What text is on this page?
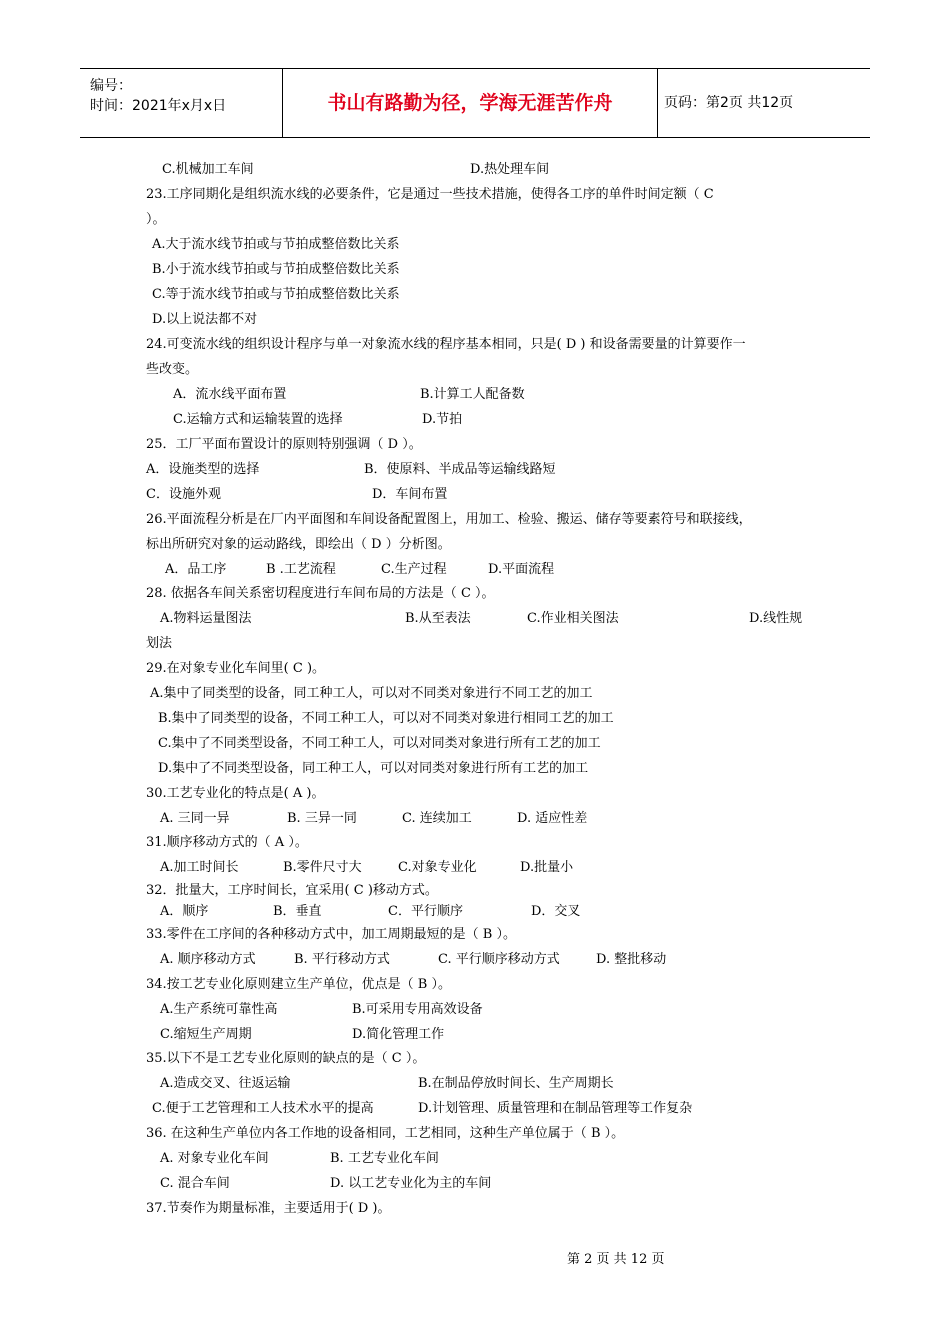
编号：
时间：2021年x月x日	书山有路勤为径，学海无涯苦作舟	页码：第2页 共12页
C.机械加工车间	D.热处理车间
23.工序同期化是组织流水线的必要条件，它是通过一些技术措施，使得各工序的单件时间定额（ C
）。
A.大于流水线节拍或与节拍成整倍数比关系
B.小于流水线节拍或与节拍成整倍数比关系
C.等于流水线节拍或与节拍成整倍数比关系
D.以上说法都不对
24.可变流水线的组织设计程序与单一对象流水线的程序基本相同，只是( D ) 和设备需要量的计算要作一
些改变。
A．流水线平面布置	B.计算工人配备数
C.运输方式和运输装置的选择	D.节拍
25．工厂平面布置设计的原则特别强调（ D ）。
A．设施类型的选择	B．使原料、半成品等运输线路短
C．设施外观	D．车间布置
26.平面流程分析是在厂内平面图和车间设备配置图上，用加工、检验、搬运、储存等要素符号和联接线，
标出所研究对象的运动路线，即绘出（ D ）分析图。
A．品工序	B .工艺流程	C.生产过程	D.平面流程
28. 依据各车间关系密切程度进行车间布局的方法是（ C ）。
A.物料运量图法	B.从至表法	C.作业相关图法	D.线性规
划法
29.在对象专业化车间里( C )。
A.集中了同类型的设备，同工种工人，可以对不同类对象进行不同工艺的加工
B.集中了同类型的设备，不同工种工人，可以对不同类对象进行相同工艺的加工
C.集中了不同类型设备，不同工种工人，可以对同类对象进行所有工艺的加工
D.集中了不同类型设备，同工种工人，可以对同类对象进行所有工艺的加工
30.工艺专业化的特点是( A )。
A. 三同一异	B. 三异一同	C. 连续加工	D. 适应性差
31.顺序移动方式的（ A ）。
A.加工时间长	B.零件尺寸大	C.对象专业化	D.批量小
32．批量大，工序时间长，宜采用( C )移动方式。
A．顺序	B．垂直	C．平行顺序	D．交叉
33.零件在工序间的各种移动方式中，加工周期最短的是（ B ）。
A. 顺序移动方式	B. 平行移动方式	C. 平行顺序移动方式	D. 整批移动
34.按工艺专业化原则建立生产单位，优点是（ B ）。
A.生产系统可靠性高	B.可采用专用高效设备
C.缩短生产周期	D.简化管理工作
35.以下不是工艺专业化原则的缺点的是（ C ）。
A.造成交叉、往返运输	B.在制品停放时间长、生产周期长
C.便于工艺管理和工人技术水平的提高	D.计划管理、质量管理和在制品管理等工作复杂
36. 在这种生产单位内各工作地的设备相同，工艺相同，这种生产单位属于（ B ）。
A. 对象专业化车间	B. 工艺专业化车间
C. 混合车间	D. 以工艺专业化为主的车间
37.节奏作为期量标准，主要适用于( D )。
第 2 页 共 12 页
